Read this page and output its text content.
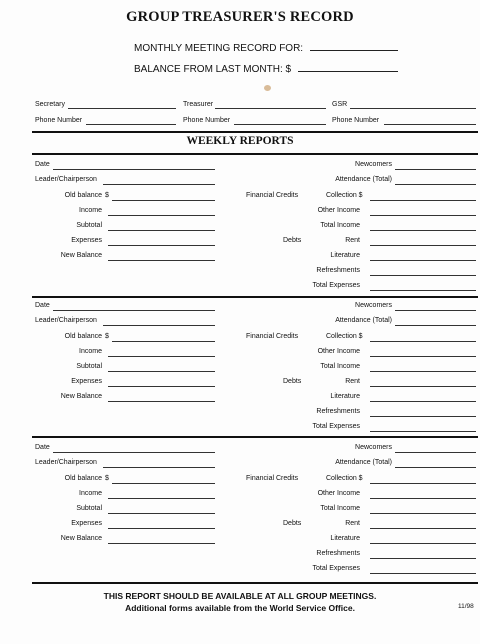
GROUP TREASURER'S RECORD
MONTHLY MEETING RECORD FOR:
BALANCE FROM LAST MONTH: $
Secretary	Treasurer	GSR
Phone Number	Phone Number	Phone Number
WEEKLY REPORTS
Date
Leader/Chairperson
Old balance $
Income
Subtotal
Expenses
New Balance
Newcomers
Attendance (Total)
Financial Credits	Collection $
Other Income
Total Income
Debts	Rent
Literature
Refreshments
Total Expenses
Date
Leader/Chairperson
Old balance $
Income
Subtotal
Expenses
New Balance
Newcomers
Attendance (Total)
Financial Credits	Collection $
Other Income
Total Income
Debts	Rent
Literature
Refreshments
Total Expenses
Date
Leader/Chairperson
Old balance $
Income
Subtotal
Expenses
New Balance
Newcomers
Attendance (Total)
Financial Credits	Collection $
Other Income
Total Income
Debts	Rent
Literature
Refreshments
Total Expenses
THIS REPORT SHOULD BE AVAILABLE AT ALL GROUP MEETINGS.
Additional forms available from the World Service Office.	11/98
